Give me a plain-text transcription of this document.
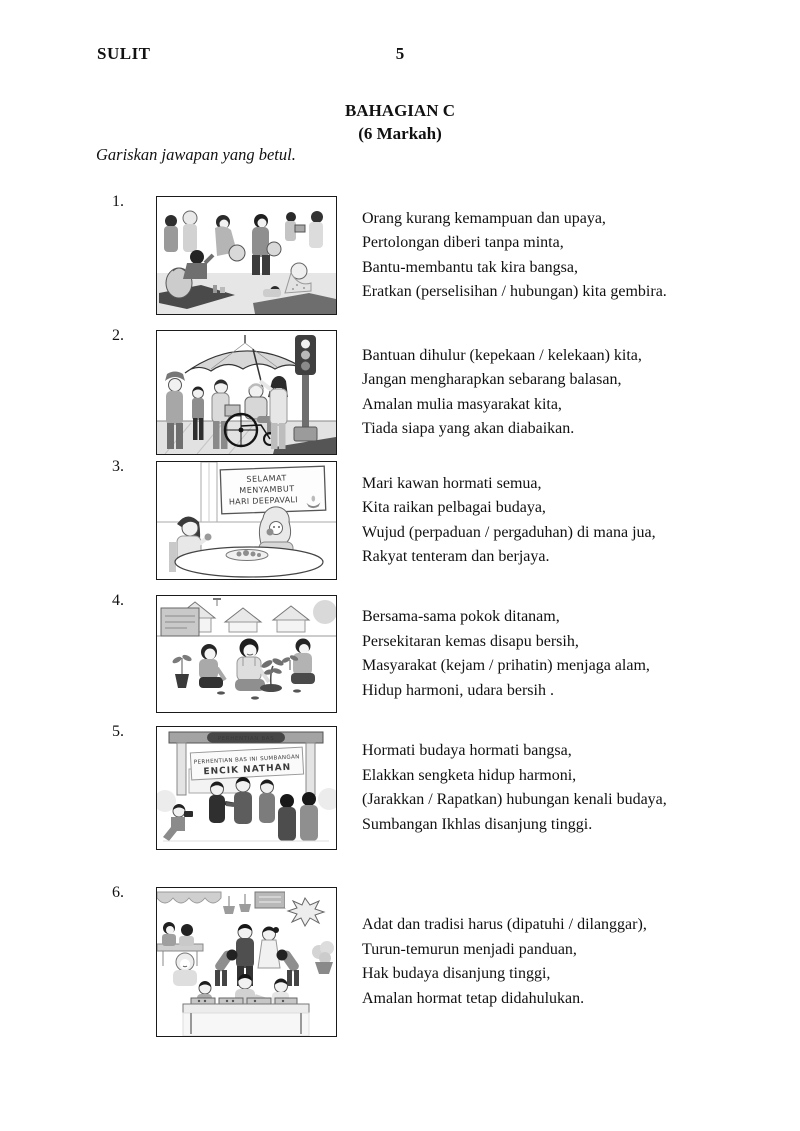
SULIT	5
BAHAGIAN C
(6 Markah)
Gariskan jawapan yang betul.
1.
Orang kurang kemampuan dan upaya,
Pertolongan diberi tanpa minta,
Bantu-membantu tak kira bangsa,
Eratkan (perselisihan / hubungan) kita gembira.
2.
Bantuan dihulur (kepekaan / kelekaan) kita,
Jangan mengharapkan sebarang balasan,
Amalan mulia masyarakat kita,
Tiada siapa yang akan diabaikan.
3.
SELAMAT
MENYAMBUT
HARI DEEPAVALI
Mari kawan hormati semua,
Kita raikan pelbagai budaya,
Wujud (perpaduan / pergaduhan) di mana jua,
Rakyat tenteram dan berjaya.
4.
Bersama-sama pokok ditanam,
Persekitaran kemas disapu bersih,
Masyarakat (kejam / prihatin) menjaga alam,
Hidup harmoni, udara bersih .
5.	PERHENTIAN BAS
PERHENTIAN BAS INI SUMBANGAN
ENCIK NATHAN
Hormati budaya hormati bangsa,
Elakkan sengketa hidup harmoni,
(Jarakkan / Rapatkan) hubungan kenali budaya,
Sumbangan Ikhlas disanjung tinggi.
6.
Adat dan tradisi harus (dipatuhi / dilanggar),
Turun-temurun menjadi panduan,
Hak budaya disanjung tinggi,
Amalan hormat tetap didahulukan.
